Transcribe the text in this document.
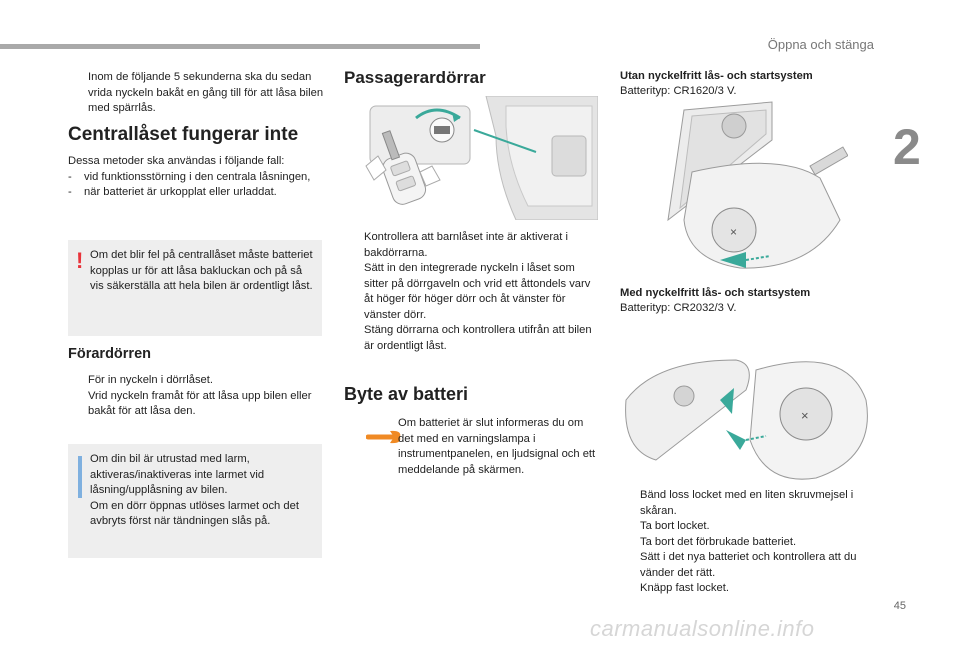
Öppna och stänga
2
Inom de följande 5 sekunderna ska du sedan vrida nyckeln bakåt en gång till för att låsa bilen med spärrlås.
Centrallåset fungerar inte

Dessa metoder ska användas i följande fall:

- vid funktionsstörning i den centrala låsningen,
- när batteriet är urkopplat eller urladdat.
! Om det blir fel på centrallåset måste batteriet kopplas ur för att låsa bakluckan och på så vis säkerställa att hela bilen är ordentligt låst.

Förardörren
För in nyckeln i dörrlåset.
Vrid nyckeln framåt för att låsa upp bilen eller bakåt för att låsa den.

Om din bil är utrustad med larm, aktiveras/inaktiveras inte larmet vid låsning/upplåsning av bilen.

Om en dörr öppnas utlöses larmet och det avbryts först när tändningen slås på.

Passagerardörrar
Kontrollera att barnlåset inte är aktiverat i bakdörrarna.
Sätt in den integrerade nyckeln i låset som sitter på dörrgaveln och vrid ett åttondels varv åt höger för höger dörr och åt vänster för vänster dörr.
Stäng dörrarna och kontrollera utifrån att bilen är ordentligt låst.
Byte av batteri

Om batteriet är slut informeras du om det med en varningslampa i instrumentpanelen, en ljudsignal och ett meddelande på skärmen.

Utan nyckelfritt lås- och startsystem

Batterityp: CR1620/3 V.

×
Med nyckelfritt lås- och startsystem

Batterityp: CR2032/3 V.

×
Bänd loss locket med en liten skruvmejsel i skåran.
Ta bort locket.
Ta bort det förbrukade batteriet.
Sätt i det nya batteriet och kontrollera att du vänder det rätt.
Knäpp fast locket.
45
carmanualsonline.info
